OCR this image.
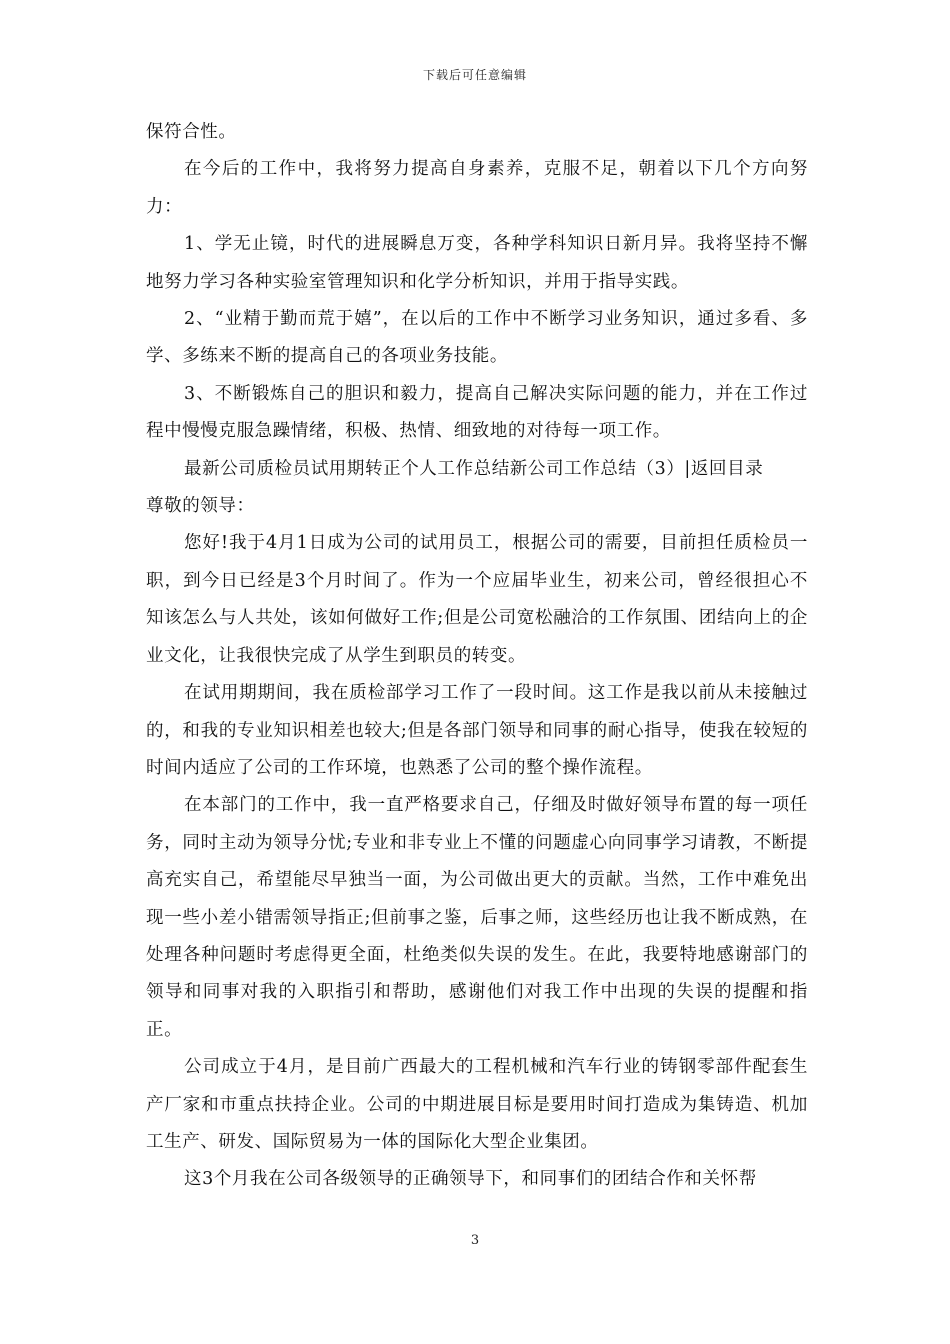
下载后可任意编辑

保符合性。

在今后的工作中，我将努力提高自身素养，克服不足，朝着以下几个方向努力：

1、学无止镜，时代的进展瞬息万变，各种学科知识日新月异。我将坚持不懈地努力学习各种实验室管理知识和化学分析知识，并用于指导实践。

2、“业精于勤而荒于嬉”，在以后的工作中不断学习业务知识，通过多看、多学、多练来不断的提高自己的各项业务技能。

3、不断锻炼自己的胆识和毅力，提高自己解决实际问题的能力，并在工作过程中慢慢克服急躁情绪，积极、热情、细致地的对待每一项工作。

最新公司质检员试用期转正个人工作总结新公司工作总结（3）|返回目录

尊敬的领导：

您好!我于4月1日成为公司的试用员工，根据公司的需要，目前担任质检员一职，到今日已经是3个月时间了。作为一个应届毕业生，初来公司，曾经很担心不知该怎么与人共处，该如何做好工作;但是公司宽松融洽的工作氛围、团结向上的企业文化，让我很快完成了从学生到职员的转变。

在试用期期间，我在质检部学习工作了一段时间。这工作是我以前从未接触过的，和我的专业知识相差也较大;但是各部门领导和同事的耐心指导，使我在较短的时间内适应了公司的工作环境，也熟悉了公司的整个操作流程。

在本部门的工作中，我一直严格要求自己，仔细及时做好领导布置的每一项任务，同时主动为领导分忧;专业和非专业上不懂的问题虚心向同事学习请教，不断提高充实自己，希望能尽早独当一面，为公司做出更大的贡献。当然，工作中难免出现一些小差小错需领导指正;但前事之鉴，后事之师，这些经历也让我不断成熟，在处理各种问题时考虑得更全面，杜绝类似失误的发生。在此，我要特地感谢部门的领导和同事对我的入职指引和帮助，感谢他们对我工作中出现的失误的提醒和指正。

公司成立于4月，是目前广西最大的工程机械和汽车行业的铸钢零部件配套生产厂家和市重点扶持企业。公司的中期进展目标是要用时间打造成为集铸造、机加工生产、研发、国际贸易为一体的国际化大型企业集团。

这3个月我在公司各级领导的正确领导下，和同事们的团结合作和关怀帮

3
